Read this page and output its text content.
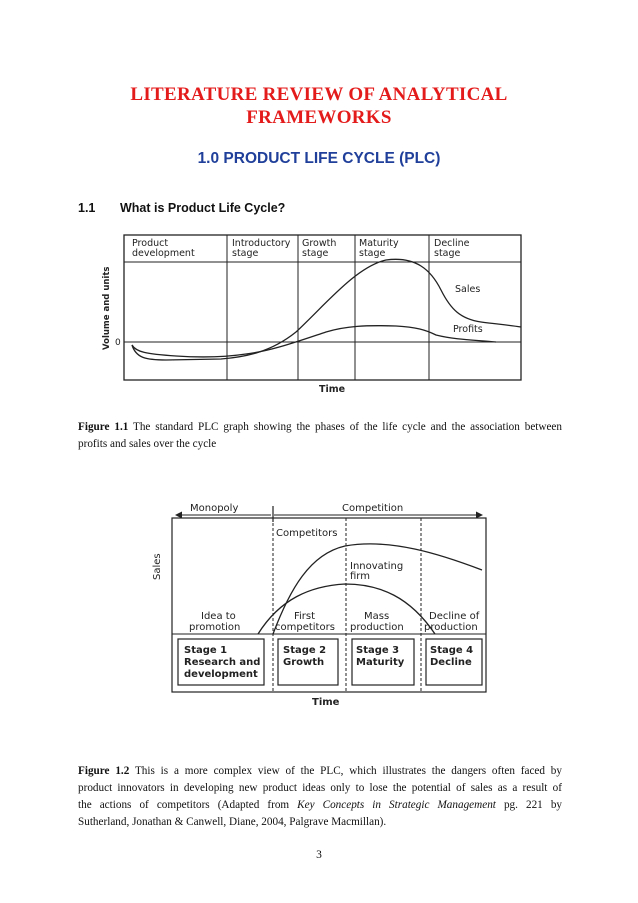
LITERATURE REVIEW OF ANALYTICAL
FRAMEWORKS
1.0 PRODUCT LIFE CYCLE (PLC)
1.1 What is Product Life Cycle?
Product
development
Introductory
stage
Growth
stage
Maturity
stage
Decline
stage
Volume and units 0
Sales
Profits
Time
Figure 1.1 The standard PLC graph showing the phases of the life cycle and the association between
profits and sales over the cycle
Monopoly	Competition
Sales
Competitors
Innovating
firm
Idea to
promotion
First
competitors
Mass
production
Decline of
production
Stage 1
Research and
development
Stage 2
Growth
Stage 3
Maturity
Stage 4
Decline
Time
Figure 1.2 This is a more complex view of the PLC, which illustrates the dangers often faced by
product innovators in developing new product ideas only to lose the potential of sales as a result of
the actions of competitors (Adapted from Key Concepts in Strategic Management pg. 221 by
Sutherland, Jonathan & Canwell, Diane, 2004, Palgrave Macmillan).
3
